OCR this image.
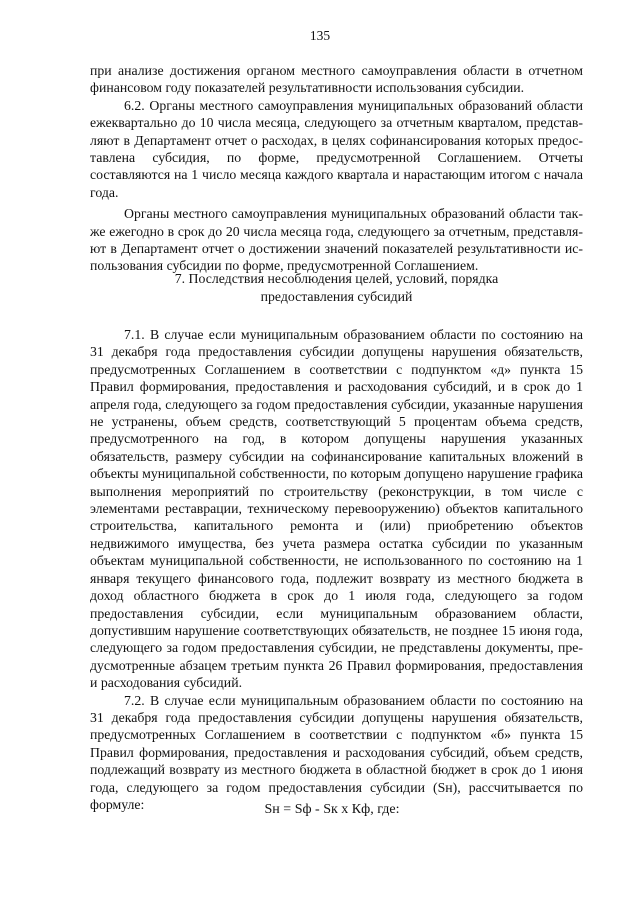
135

при анализе достижения органом местного самоуправления области в отчетном финансовом году показателей результативности использования субсидии.

6.2. Органы местного самоуправления муниципальных образований области ежеквартально до 10 числа месяца, следующего за отчетным кварталом, представляют в Департамент отчет о расходах, в целях софинансирования которых предоставлена субсидия, по форме, предусмотренной Соглашением. Отчеты составляются на 1 число месяца каждого квартала и нарастающим итогом с начала года.

Органы местного самоуправления муниципальных образований области также ежегодно в срок до 20 числа месяца года, следующего за отчетным, представляют в Департамент отчет о достижении значений показателей результативности использования субсидии по форме, предусмотренной Соглашением.

7. Последствия несоблюдения целей, условий, порядка
предоставления субсидий

7.1. В случае если муниципальным образованием области по состоянию на 31 декабря года предоставления субсидии допущены нарушения обязательств, предусмотренных Соглашением в соответствии с подпунктом «д» пункта 15 Правил формирования, предоставления и расходования субсидий, и в срок до 1 апреля года, следующего за годом предоставления субсидии, указанные нарушения не устранены, объем средств, соответствующий 5 процентам объема средств, предусмотренного на год, в котором допущены нарушения указанных обязательств, размеру субсидии на софинансирование капитальных вложений в объекты муниципальной собственности, по которым допущено нарушение графика выполнения мероприятий по строительству (реконструкции, в том числе с элементами реставрации, техническому перевооружению) объектов капитального строительства, капитального ремонта и (или) приобретению объектов недвижимого имущества, без учета размера остатка субсидии по указанным объектам муниципальной собственности, не использованного по состоянию на 1 января текущего финансового года, подлежит возврату из местного бюджета в доход областного бюджета в срок до 1 июля года, следующего за годом предоставления субсидии, если муниципальным образованием области, допустившим нарушение соответствующих обязательств, не позднее 15 июня года, следующего за годом предоставления субсидии, не представлены документы, предусмотренные абзацем третьим пункта 26 Правил формирования, предоставления и расходования субсидий.

7.2. В случае если муниципальным образованием области по состоянию на 31 декабря года предоставления субсидии допущены нарушения обязательств, предусмотренных Соглашением в соответствии с подпунктом «б» пункта 15 Правил формирования, предоставления и расходования субсидий, объем средств, подлежащий возврату из местного бюджета в областной бюджет в срок до 1 июня года, следующего за годом предоставления субсидии (Sн), рассчитывается по формуле:	Sн = Sф - Sк x Кф, где:
